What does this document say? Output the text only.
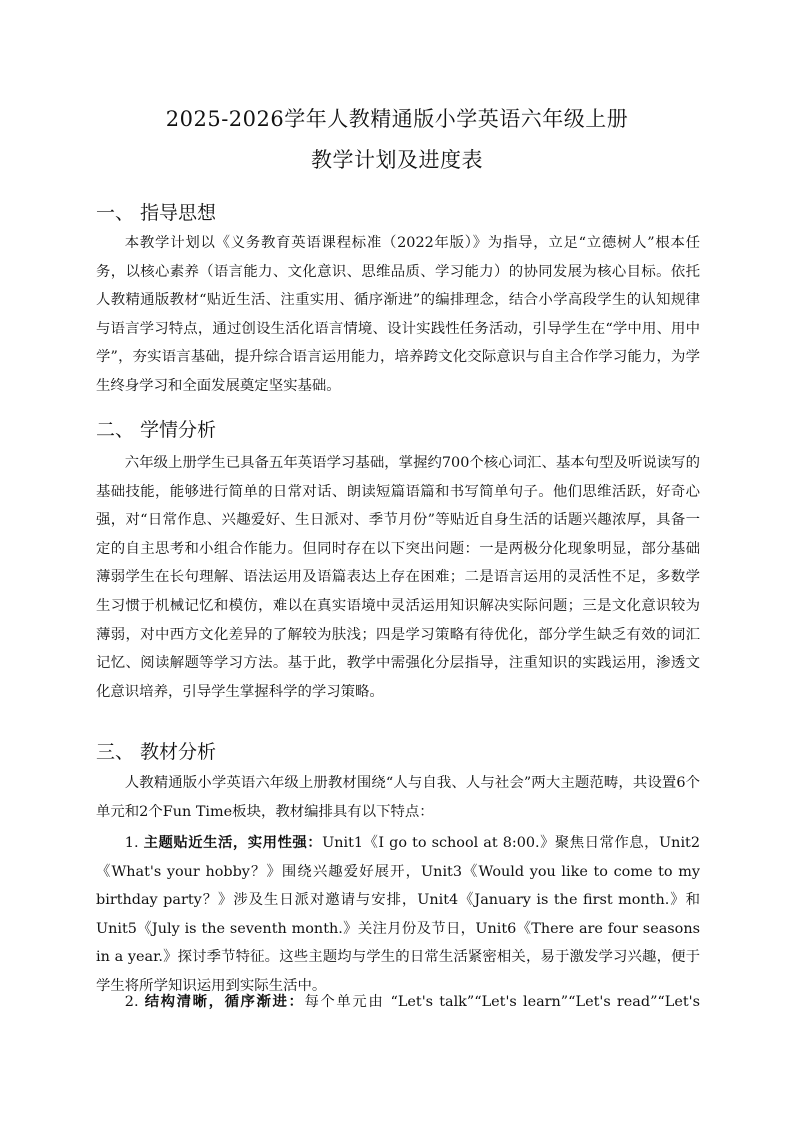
2025-2026学年人教精通版小学英语六年级上册
教学计划及进度表
一、 指导思想
本教学计划以《义务教育英语课程标准（2022年版）》为指导，立足“立德树人”根本任务，以核心素养（语言能力、文化意识、思维品质、学习能力）的协同发展为核心目标。依托人教精通版教材“贴近生活、注重实用、循序渐进”的编排理念，结合小学高段学生的认知规律与语言学习特点，通过创设生活化语言情境、设计实践性任务活动，引导学生在“学中用、用中学”，夯实语言基础，提升综合语言运用能力，培养跨文化交际意识与自主合作学习能力，为学生终身学习和全面发展奠定坚实基础。
二、 学情分析
六年级上册学生已具备五年英语学习基础，掌握约700个核心词汇、基本句型及听说读写的基础技能，能够进行简单的日常对话、朗读短篇语篇和书写简单句子。他们思维活跃，好奇心强，对“日常作息、兴趣爱好、生日派对、季节月份”等贴近自身生活的话题兴趣浓厚，具备一定的自主思考和小组合作能力。但同时存在以下突出问题：一是两极分化现象明显，部分基础薄弱学生在长句理解、语法运用及语篇表达上存在困难；二是语言运用的灵活性不足，多数学生习惯于机械记忆和模仿，难以在真实语境中灵活运用知识解决实际问题；三是文化意识较为薄弱，对中西方文化差异的了解较为肤浅；四是学习策略有待优化，部分学生缺乏有效的词汇记忆、阅读解题等学习方法。基于此，教学中需强化分层指导，注重知识的实践运用，渗透文化意识培养，引导学生掌握科学的学习策略。
三、 教材分析
人教精通版小学英语六年级上册教材围绕“人与自我、人与社会”两大主题范畴，共设置6个单元和2个Fun Time板块，教材编排具有以下特点：
1. 主题贴近生活，实用性强：Unit1《I go to school at 8:00.》聚焦日常作息，Unit2《What's your hobby？》围绕兴趣爱好展开，Unit3《Would you like to come to my birthday party？》涉及生日派对邀请与安排，Unit4《January is the first month.》和Unit5《July is the seventh month.》关注月份及节日，Unit6《There are four seasons in a year.》探讨季节特征。这些主题均与学生的日常生活紧密相关，易于激发学习兴趣，便于学生将所学知识运用到实际生活中。
2. 结构清晰，循序渐进：每个单元由 “Let's talk”“Let's learn”“Let's read”“Let's
